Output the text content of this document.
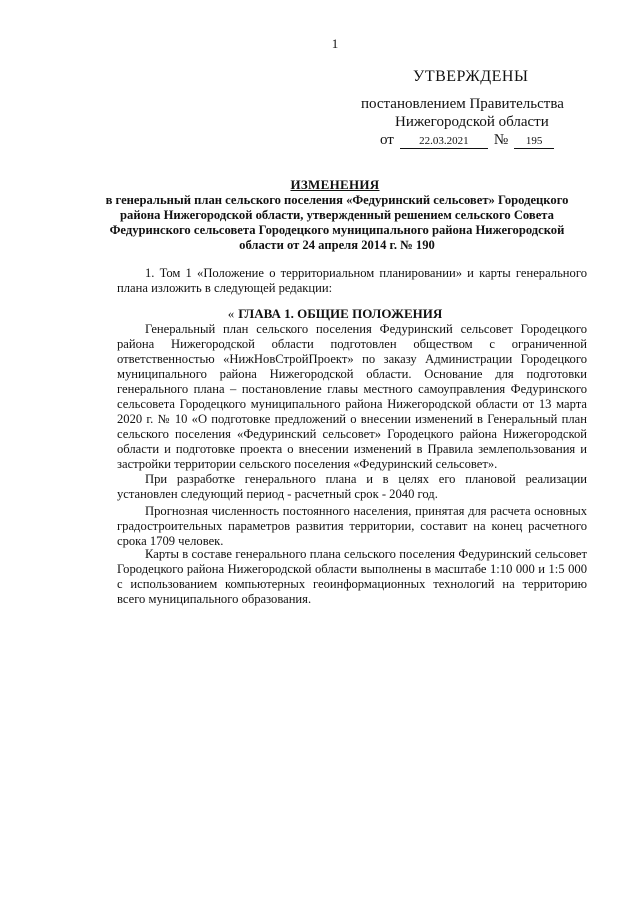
1
УТВЕРЖДЕНЫ
постановлением Правительства
Нижегородской области
от	22.03.2021	№	195
ИЗМЕНЕНИЯ
в генеральный план сельского поселения «Федуринский сельсовет» Городецкого района Нижегородской области, утвержденный решением сельского Совета Федуринского сельсовета Городецкого муниципального района Нижегородской области от 24 апреля 2014 г. № 190
1. Том 1 «Положение о территориальном планировании» и карты генерального плана изложить в следующей редакции:
« ГЛАВА 1. ОБЩИЕ ПОЛОЖЕНИЯ
Генеральный план сельского поселения Федуринский сельсовет Городецкого района Нижегородской области подготовлен обществом с ограниченной ответственностью «НижНовСтройПроект» по заказу Администрации Городецкого муниципального района Нижегородской области. Основание для подготовки генерального плана – постановление главы местного самоуправления Федуринского сельсовета Городецкого муниципального района Нижегородской области от 13 марта 2020 г. № 10 «О подготовке предложений о внесении изменений в Генеральный план сельского поселения «Федуринский сельсовет» Городецкого района Нижегородской области и подготовке проекта о внесении изменений в Правила землепользования и застройки территории сельского поселения «Федуринский сельсовет».
При разработке генерального плана и в целях его плановой реализации установлен следующий период - расчетный срок - 2040 год.
Прогнозная численность постоянного населения, принятая для расчета основных градостроительных параметров развития территории, составит на конец расчетного срока 1709 человек.
Карты в составе генерального плана сельского поселения Федуринский сельсовет Городецкого района Нижегородской области выполнены в масштабе 1:10 000 и 1:5 000 с использованием компьютерных геоинформационных технологий на территорию всего муниципального образования.
